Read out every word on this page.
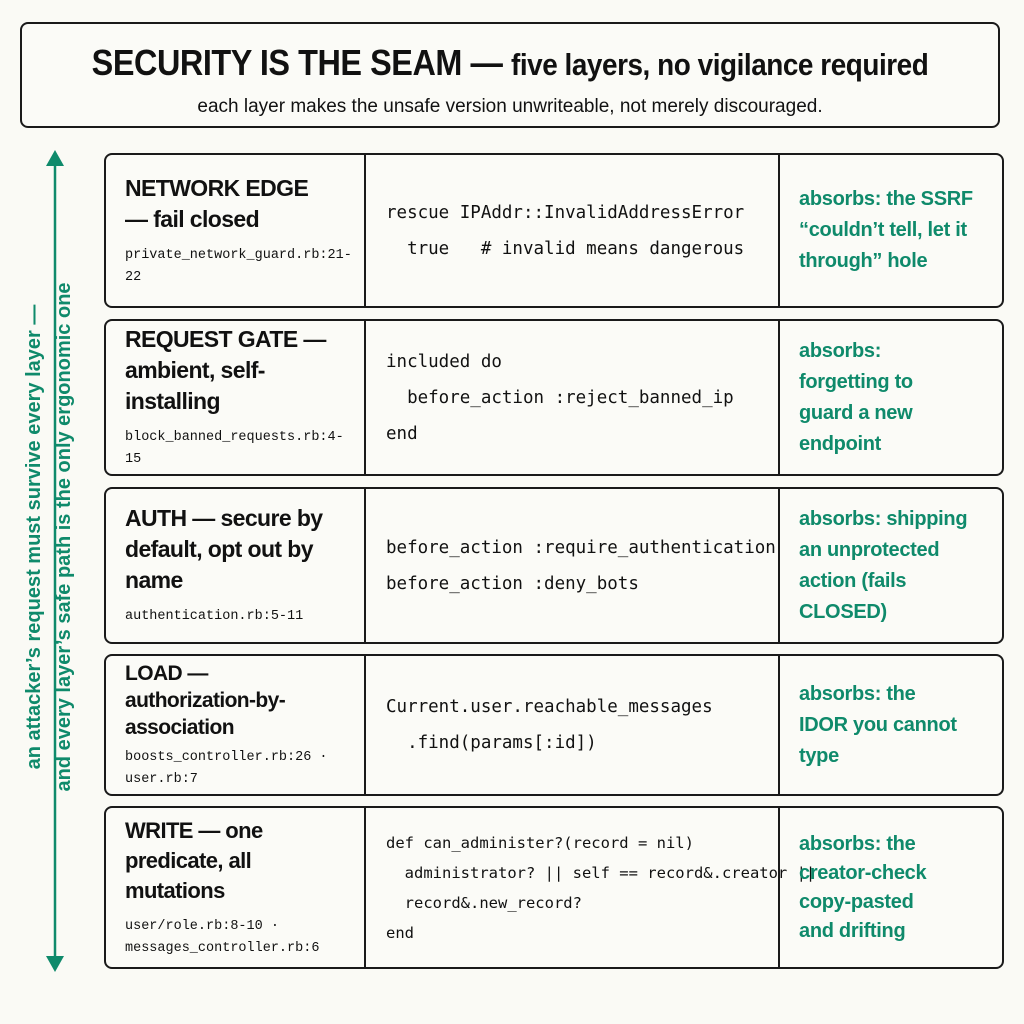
SECURITY IS THE SEAM — five layers, no vigilance required
each layer makes the unsafe version unwriteable, not merely discouraged.
an attacker’s request must survive every layer — and every layer’s safe path is the only ergonomic one
NETWORK EDGE — fail closed
private_network_guard.rb:21-22
rescue IPAddr::InvalidAddressError
true   # invalid means dangerous
absorbs: the SSRF “couldn’t tell, let it through” hole
REQUEST GATE — ambient, self-installing
block_banned_requests.rb:4-15
included do
before_action :reject_banned_ip
end
absorbs: forgetting to guard a new endpoint
AUTH — secure by default, opt out by name
authentication.rb:5-11
before_action :require_authentication
before_action :deny_bots
absorbs: shipping an unprotected action (fails CLOSED)
LOAD — authorization-by-association
boosts_controller.rb:26 · user.rb:7
Current.user.reachable_messages
.find(params[:id])
absorbs: the IDOR you cannot type
WRITE — one predicate, all mutations
user/role.rb:8-10 · messages_controller.rb:6
def can_administer?(record = nil)
administrator? || self == record&.creator ||
record&.new_record?
end
absorbs: the creator-check copy-pasted and drifting
